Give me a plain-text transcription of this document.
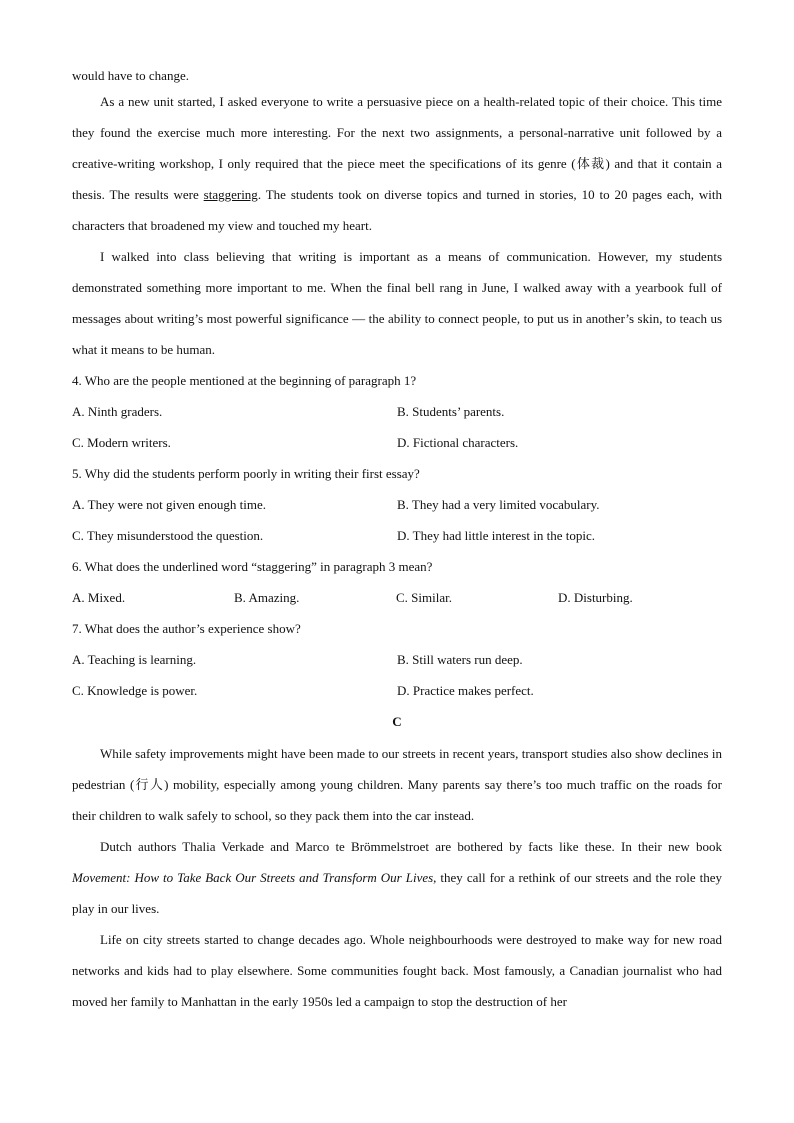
would have to change.

As a new unit started, I asked everyone to write a persuasive piece on a health-related topic of their choice. This time they found the exercise much more interesting. For the next two assignments, a personal-narrative unit followed by a creative-writing workshop, I only required that the piece meet the specifications of its genre (体裁) and that it contain a thesis. The results were staggering. The students took on diverse topics and turned in stories, 10 to 20 pages each, with characters that broadened my view and touched my heart.

I walked into class believing that writing is important as a means of communication. However, my students demonstrated something more important to me. When the final bell rang in June, I walked away with a yearbook full of messages about writing’s most powerful significance — the ability to connect people, to put us in another’s skin, to teach us what it means to be human.

4. Who are the people mentioned at the beginning of paragraph 1?

A. Ninth graders.	B. Students’ parents.
C. Modern writers.	D. Fictional characters.

5. Why did the students perform poorly in writing their first essay?

A. They were not given enough time.	B. They had a very limited vocabulary.
C. They misunderstood the question.	D. They had little interest in the topic.

6. What does the underlined word “staggering” in paragraph 3 mean?

A. Mixed.	B. Amazing.	C. Similar.	D. Disturbing.

7. What does the author’s experience show?

A. Teaching is learning.	B. Still waters run deep.
C. Knowledge is power.	D. Practice makes perfect.

C

While safety improvements might have been made to our streets in recent years, transport studies also show declines in pedestrian (行人) mobility, especially among young children. Many parents say there’s too much traffic on the roads for their children to walk safely to school, so they pack them into the car instead.

Dutch authors Thalia Verkade and Marco te Brömmelstroet are bothered by facts like these. In their new book Movement: How to Take Back Our Streets and Transform Our Lives, they call for a rethink of our streets and the role they play in our lives.

Life on city streets started to change decades ago. Whole neighbourhoods were destroyed to make way for new road networks and kids had to play elsewhere. Some communities fought back. Most famously, a Canadian journalist who had moved her family to Manhattan in the early 1950s led a campaign to stop the destruction of her
